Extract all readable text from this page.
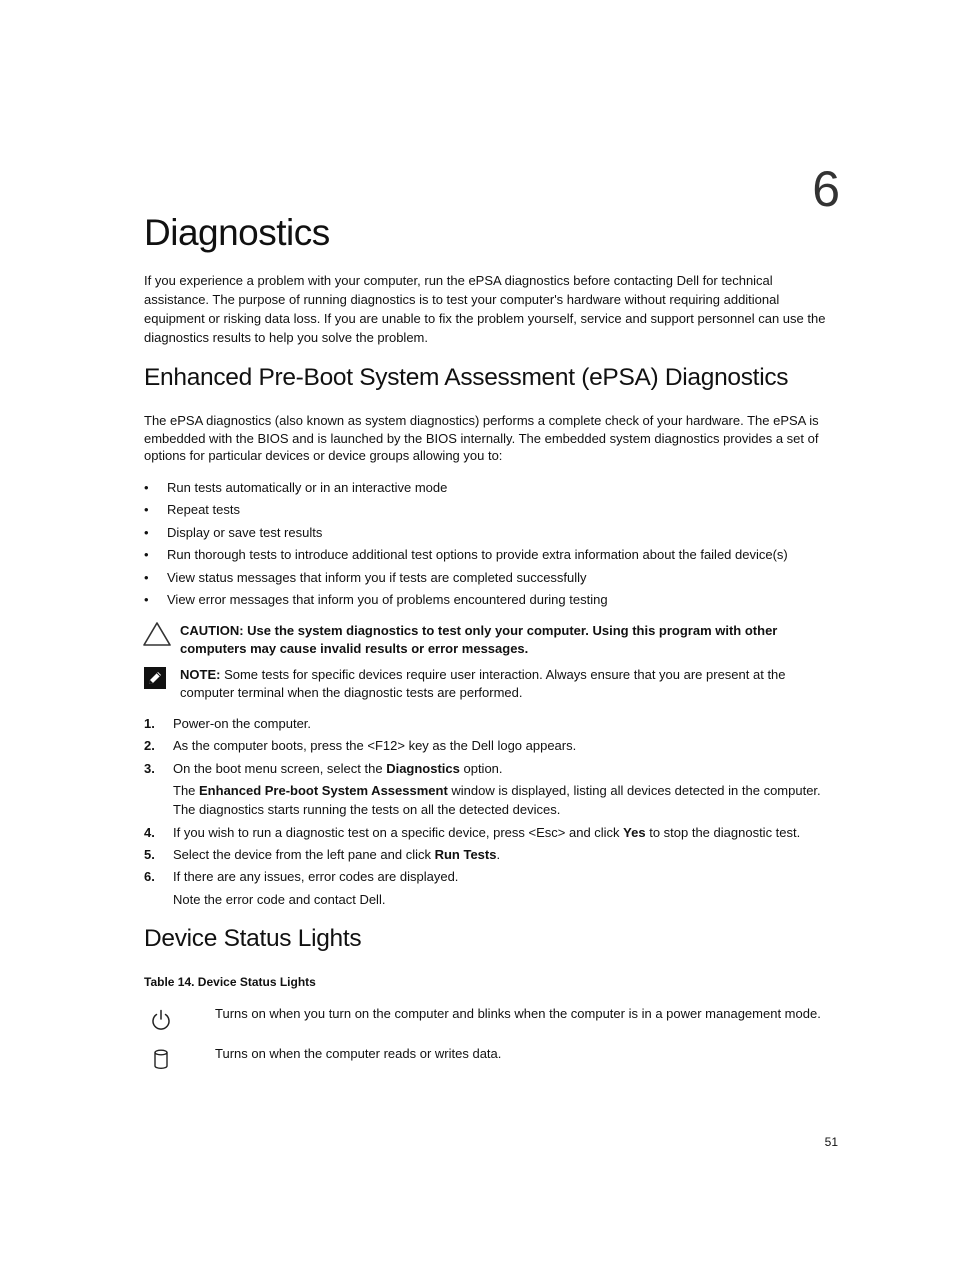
6
Diagnostics
If you experience a problem with your computer, run the ePSA diagnostics before contacting Dell for technical assistance. The purpose of running diagnostics is to test your computer's hardware without requiring additional equipment or risking data loss. If you are unable to fix the problem yourself, service and support personnel can use the diagnostics results to help you solve the problem.
Enhanced Pre-Boot System Assessment (ePSA) Diagnostics
The ePSA diagnostics (also known as system diagnostics) performs a complete check of your hardware. The ePSA is embedded with the BIOS and is launched by the BIOS internally. The embedded system diagnostics provides a set of options for particular devices or device groups allowing you to:
• Run tests automatically or in an interactive mode
• Repeat tests
• Display or save test results
• Run thorough tests to introduce additional test options to provide extra information about the failed device(s)
• View status messages that inform you if tests are completed successfully
• View error messages that inform you of problems encountered during testing
CAUTION: Use the system diagnostics to test only your computer. Using this program with other computers may cause invalid results or error messages.
NOTE: Some tests for specific devices require user interaction. Always ensure that you are present at the computer terminal when the diagnostic tests are performed.
1. Power-on the computer.
2. As the computer boots, press the <F12> key as the Dell logo appears.
3. On the boot menu screen, select the Diagnostics option.
The Enhanced Pre-boot System Assessment window is displayed, listing all devices detected in the computer. The diagnostics starts running the tests on all the detected devices.
4. If you wish to run a diagnostic test on a specific device, press <Esc> and click Yes to stop the diagnostic test.
5. Select the device from the left pane and click Run Tests.
6. If there are any issues, error codes are displayed.
Note the error code and contact Dell.
Device Status Lights
Table 14. Device Status Lights
Turns on when you turn on the computer and blinks when the computer is in a power management mode.
Turns on when the computer reads or writes data.
51
